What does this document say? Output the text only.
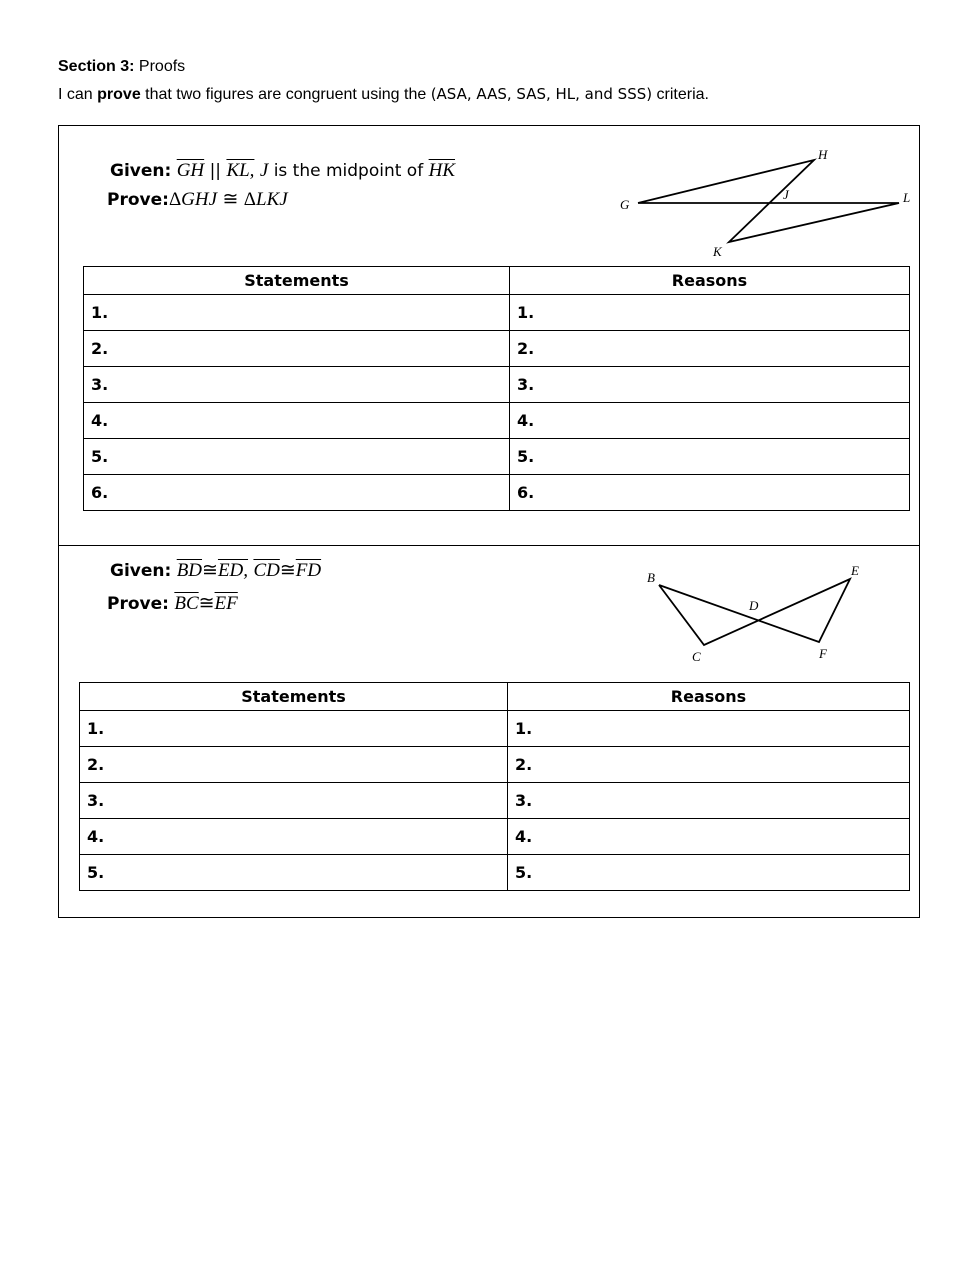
Section 3: Proofs
I can prove that two figures are congruent using the (ASA, AAS, SAS, HL, and SSS) criteria.
Given: $\overline{GH}$ || KL, J is the midpoint of $\overline{HK}$
Prove:ΔGHJ ≅ ΔLKJ	G
H
J
K
L
Statements	Reasons
1.	1.
2.	2.
3.	3.
4.	4.
5.	5.
6.	6.
Given: $\overline{BD}≅ED$, $\overline{CD}≅\overline{FD}$
Prove: $\overline{BC}≅\overline{EF}$
B
C
D
E
F
Statements	Reasons
1.	1.
2.	2.
3.	3.
4.	4.
5.	5.
